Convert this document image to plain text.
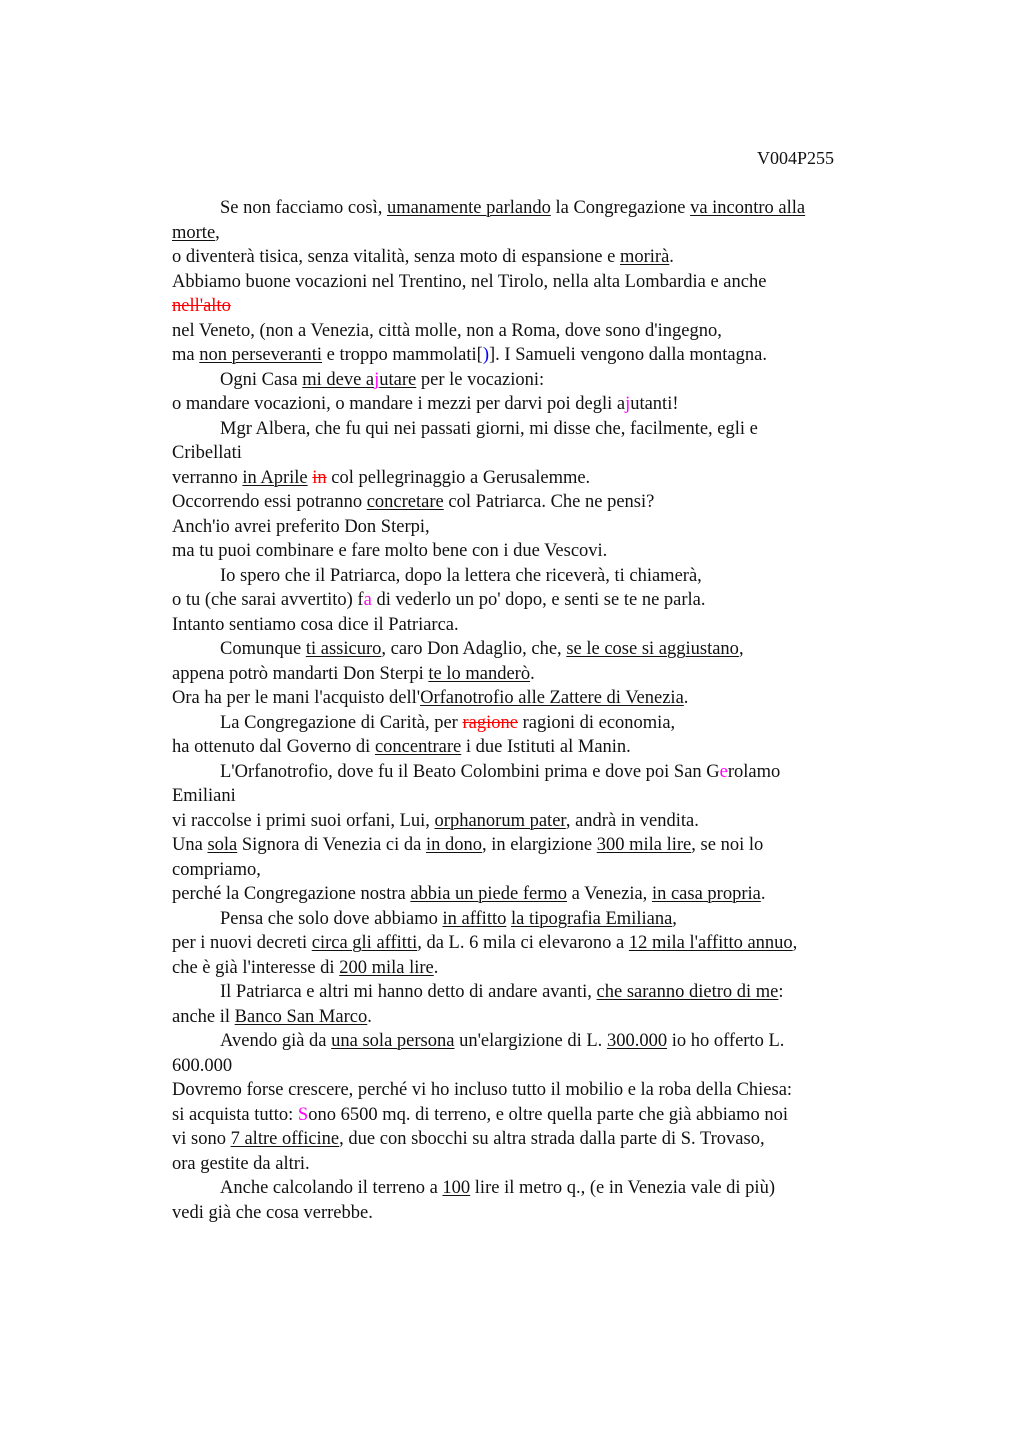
V004P255
Se non facciamo così, umanamente parlando la Congregazione va incontro alla
morte,
o diventerà tisica, senza vitalità, senza moto di espansione e morirà.
Abbiamo buone vocazioni nel Trentino, nel Tirolo, nella alta Lombardia e anche
nell'alto
nel Veneto, (non a Venezia, città molle, non a Roma, dove sono d'ingegno,
ma non perseveranti e troppo mammolati[)]. I Samueli vengono dalla montagna.
Ogni Casa mi deve ajutare per le vocazioni:
o mandare vocazioni, o mandare i mezzi per darvi poi degli ajutanti!
Mgr Albera, che fu qui nei passati giorni, mi disse che, facilmente, egli e
Cribellati
verranno in Aprile in col pellegrinaggio a Gerusalemme.
Occorrendo essi potranno concretare col Patriarca. Che ne pensi?
Anch'io avrei preferito Don Sterpi,
ma tu puoi combinare e fare molto bene con i due Vescovi.
Io spero che il Patriarca, dopo la lettera che riceverà, ti chiamerà,
o tu (che sarai avvertito) fa di vederlo un po' dopo, e senti se te ne parla.
Intanto sentiamo cosa dice il Patriarca.
Comunque ti assicuro, caro Don Adaglio, che, se le cose si aggiustano,
appena potrò mandarti Don Sterpi te lo manderò.
Ora ha per le mani l'acquisto dell'Orfanotrofio alle Zattere di Venezia.
La Congregazione di Carità, per ragione ragioni di economia,
ha ottenuto dal Governo di concentrare i due Istituti al Manin.
L'Orfanotrofio, dove fu il Beato Colombini prima e dove poi San Gerolamo
Emiliani
vi raccolse i primi suoi orfani, Lui, orphanorum pater, andrà in vendita.
Una sola Signora di Venezia ci da in dono, in elargizione 300 mila lire, se noi lo
compriamo,
perché la Congregazione nostra abbia un piede fermo a Venezia, in casa propria.
Pensa che solo dove abbiamo in affitto la tipografia Emiliana,
per i nuovi decreti circa gli affitti, da L. 6 mila ci elevarono a 12 mila l'affitto annuo,
che è già l'interesse di 200 mila lire.
Il Patriarca e altri mi hanno detto di andare avanti, che saranno dietro di me:
anche il Banco San Marco.
Avendo già da una sola persona un'elargizione di L. 300.000 io ho offerto L.
600.000
Dovremo forse crescere, perché vi ho incluso tutto il mobilio e la roba della Chiesa:
si acquista tutto: Sono 6500 mq. di terreno, e oltre quella parte che già abbiamo noi
vi sono 7 altre officine, due con sbocchi su altra strada dalla parte di S. Trovaso,
ora gestite da altri.
Anche calcolando il terreno a 100 lire il metro q., (e in Venezia vale di più)
vedi già che cosa verrebbe.
